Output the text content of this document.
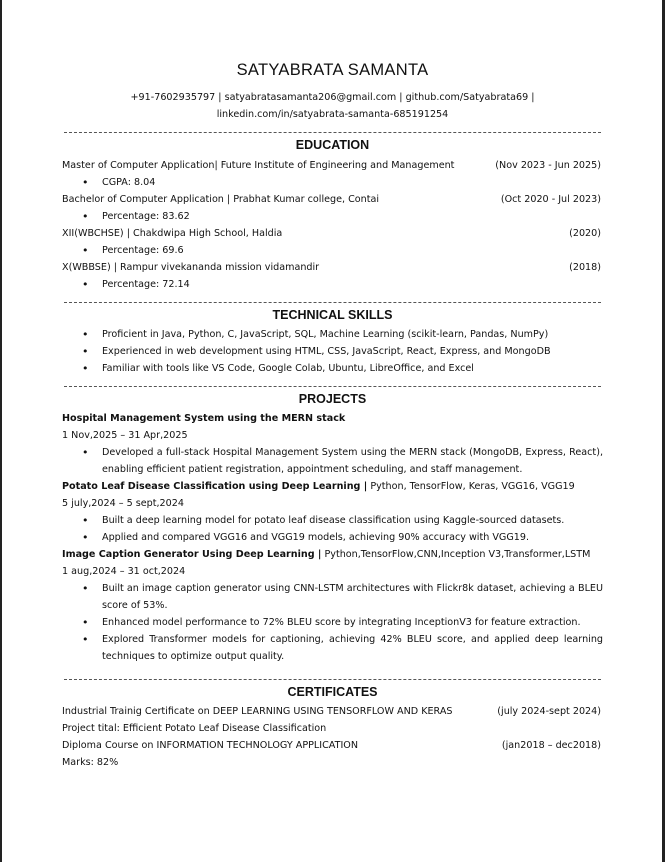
SATYABRATA SAMANTA
+91-7602935797 | satyabratasamanta206@gmail.com | github.com/Satyabrata69 |
linkedin.com/in/satyabrata-samanta-685191254
EDUCATION
Master of Computer Application| Future Institute of Engineering and Management	(Nov 2023 - Jun 2025)
• CGPA: 8.04
Bachelor of Computer Application | Prabhat Kumar college, Contai	(Oct 2020 - Jul 2023)
• Percentage: 83.62
XII(WBCHSE) | Chakdwipa High School, Haldia	(2020)
• Percentage: 69.6
X(WBBSE) | Rampur vivekananda mission vidamandir	(2018)
• Percentage: 72.14
TECHNICAL SKILLS
• Proficient in Java, Python, C, JavaScript, SQL, Machine Learning (scikit-learn, Pandas, NumPy)
• Experienced in web development using HTML, CSS, JavaScript, React, Express, and MongoDB
• Familiar with tools like VS Code, Google Colab, Ubuntu, LibreOffice, and Excel
PROJECTS
Hospital Management System using the MERN stack
1 Nov,2025 – 31 Apr,2025
• Developed a full-stack Hospital Management System using the MERN stack (MongoDB, Express, React), enabling efficient patient registration, appointment scheduling, and staff management.
Potato Leaf Disease Classification using Deep Learning | Python, TensorFlow, Keras, VGG16, VGG19
5 july,2024 – 5 sept,2024
• Built a deep learning model for potato leaf disease classification using Kaggle-sourced datasets.
• Applied and compared VGG16 and VGG19 models, achieving 90% accuracy with VGG19.
Image Caption Generator Using Deep Learning | Python,TensorFlow,CNN,Inception V3,Transformer,LSTM
1 aug,2024 – 31 oct,2024
• Built an image caption generator using CNN-LSTM architectures with Flickr8k dataset, achieving a BLEU score of 53%.
• Enhanced model performance to 72% BLEU score by integrating InceptionV3 for feature extraction.
• Explored Transformer models for captioning, achieving 42% BLEU score, and applied deep learning techniques to optimize output quality.
CERTIFICATES
Industrial Trainig Certificate on DEEP LEARNING USING TENSORFLOW AND KERAS	(july 2024-sept 2024)
Project tital: Efficient Potato Leaf Disease Classification
Diploma Course on INFORMATION TECHNOLOGY APPLICATION	(jan2018 – dec2018)
Marks: 82%
